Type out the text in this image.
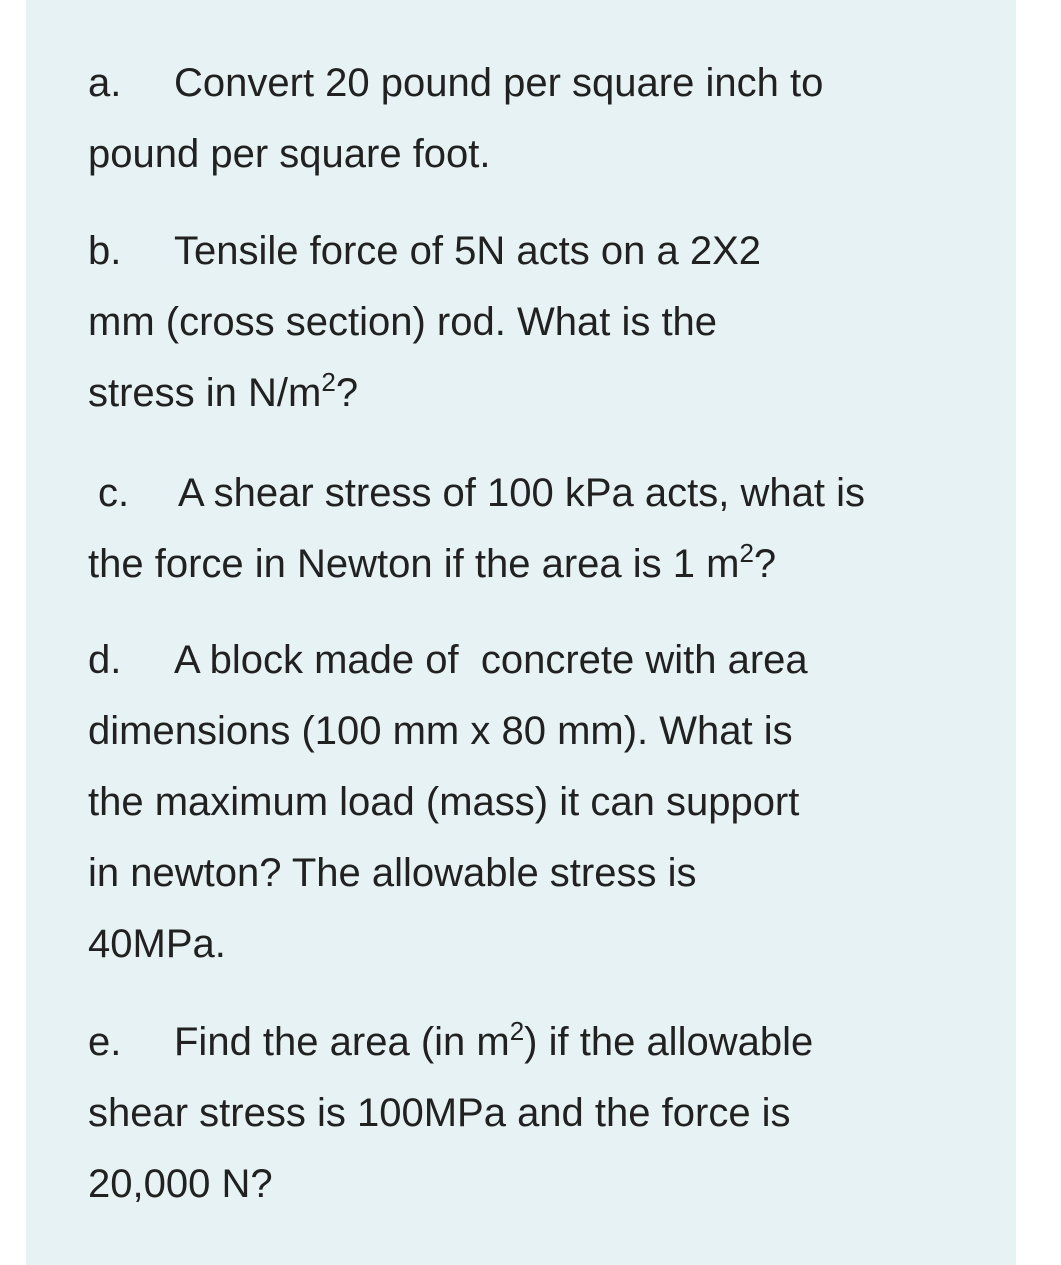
a. Convert 20 pound per square inch to
pound per square foot.
b. Tensile force of 5N acts on a 2X2
mm (cross section) rod. What is the
stress in $N/m^2$?
c. A shear stress of 100 kPa acts, what is
the force in Newton if the area is 1 $m^2$?
d. A block made of  concrete with area
dimensions (100 mm x 80 mm). What is
the maximum load (mass) it can support
in newton? The allowable stress is
40MPa.
e. Find the area (in $m^2$) if the allowable
shear stress is 100MPa and the force is
20,000 N?
